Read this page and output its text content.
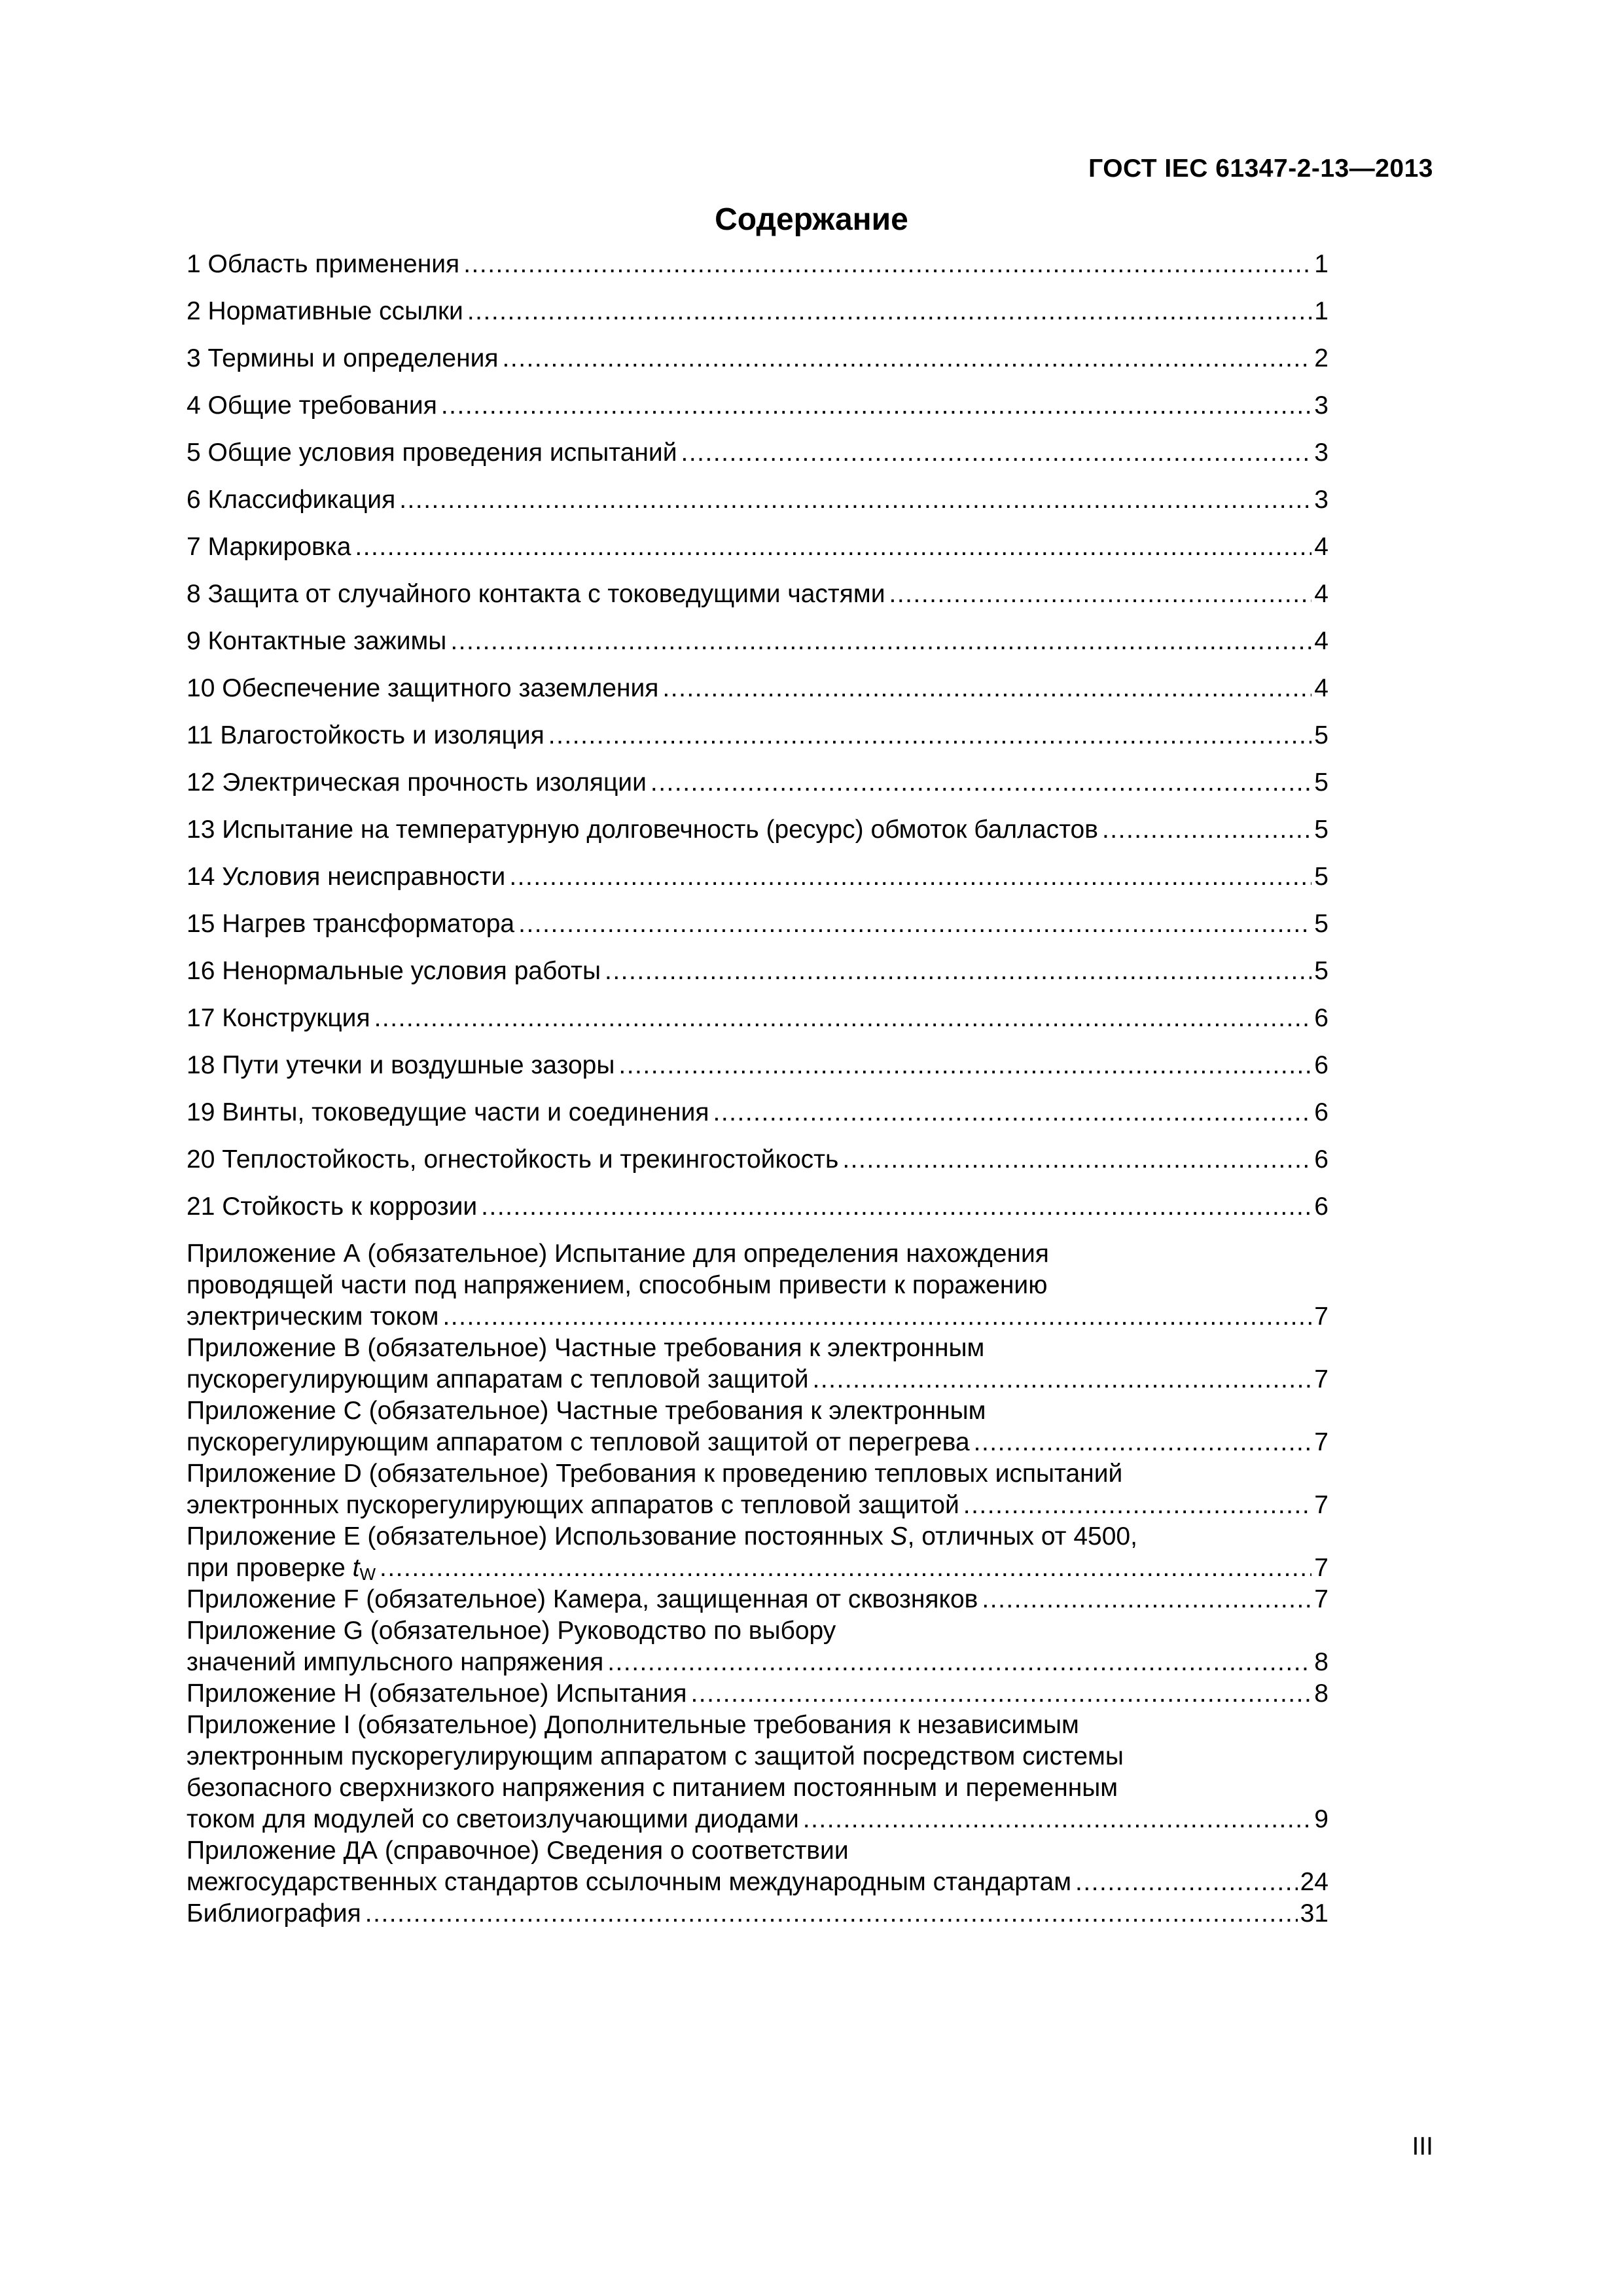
ГОСТ IEC 61347-2-13—2013
Содержание
1 Область применения .....	1
2 Нормативные ссылки .....	1
3 Термины и определения .....	2
4 Общие требования .....	3
5 Общие условия проведения испытаний .....	3
6 Классификация .....	3
7 Маркировка .....	4
8 Защита от случайного контакта с токоведущими частями .....	4
9 Контактные зажимы .....	4
10 Обеспечение защитного заземления .....	4
11 Влагостойкость и изоляция .....	5
12 Электрическая прочность изоляции .....	5
13 Испытание на температурную долговечность (ресурс) обмоток балластов .....	5
14 Условия неисправности .....	5
15 Нагрев трансформатора .....	5
16 Ненормальные условия работы .....	5
17 Конструкция .....	6
18 Пути утечки и воздушные зазоры .....	6
19 Винты, токоведущие части и соединения .....	6
20 Теплостойкость, огнестойкость и трекингостойкость .....	6
21 Стойкость к коррозии .....	6
Приложение А (обязательное) Испытание для определения нахождения
проводящей части под напряжением, способным привести к поражению
электрическим током .....	7
Приложение В (обязательное) Частные требования к электронным
пускорегулирующим аппаратам с тепловой защитой .....	7
Приложение С (обязательное) Частные требования к электронным
пускорегулирующим аппаратом с тепловой защитой от перегрева .....	7
Приложение D (обязательное) Требования к проведению тепловых испытаний
электронных пускорегулирующих аппаратов с тепловой защитой .....	7
Приложение Е (обязательное) Использование постоянных S, отличных от 4500,
при проверке $t_W$ .....	7
Приложение F (обязательное) Камера, защищенная от сквозняков .....	7
Приложение G (обязательное) Руководство по выбору
значений импульсного напряжения .....	8
Приложение Н (обязательное) Испытания .....	8
Приложение I (обязательное) Дополнительные требования к независимым
электронным пускорегулирующим аппаратом с защитой посредством системы
безопасного сверхнизкого напряжения с питанием постоянным и переменным
током для модулей со светоизлучающими диодами .....	9
Приложение ДА (справочное) Сведения о соответствии
межгосударственных стандартов ссылочным международным стандартам .....	24
Библиография .....	31
III
